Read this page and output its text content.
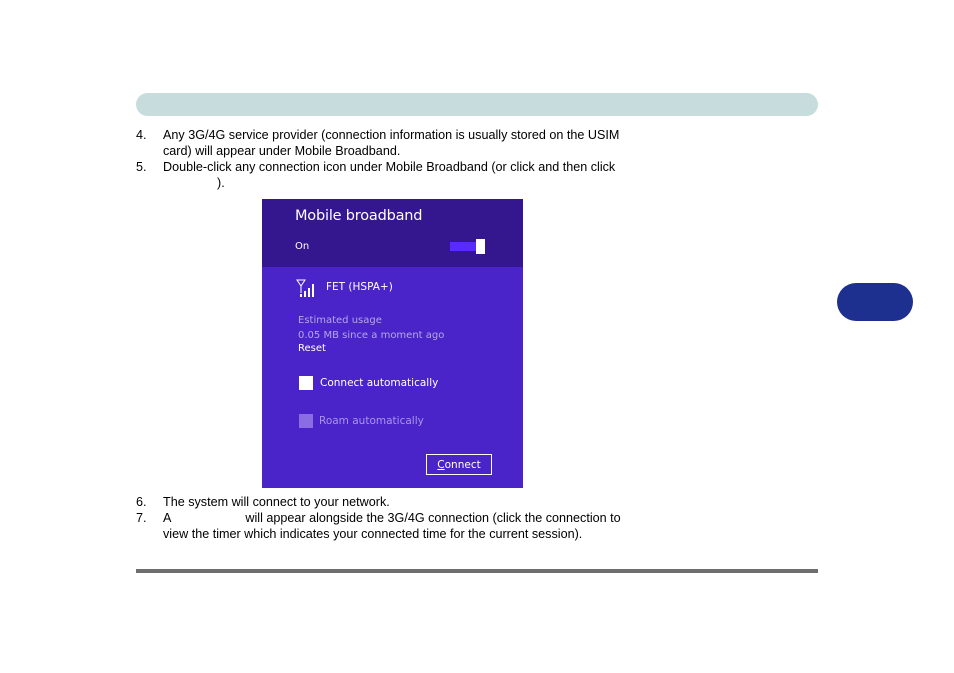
4. Any 3G/4G service provider (connection information is usually stored on the USIM
card) will appear under Mobile Broadband.
5. Double-click any connection icon under Mobile Broadband (or click and then click
).
Mobile broadband
On
FET (HSPA+)
Estimated usage
0.05 MB since a moment ago
Reset
Connect automatically
Roam automatically
Connect
6. The system will connect to your network.
7. A	will appear alongside the 3G/4G connection (click the connection to
view the timer which indicates your connected time for the current session).
